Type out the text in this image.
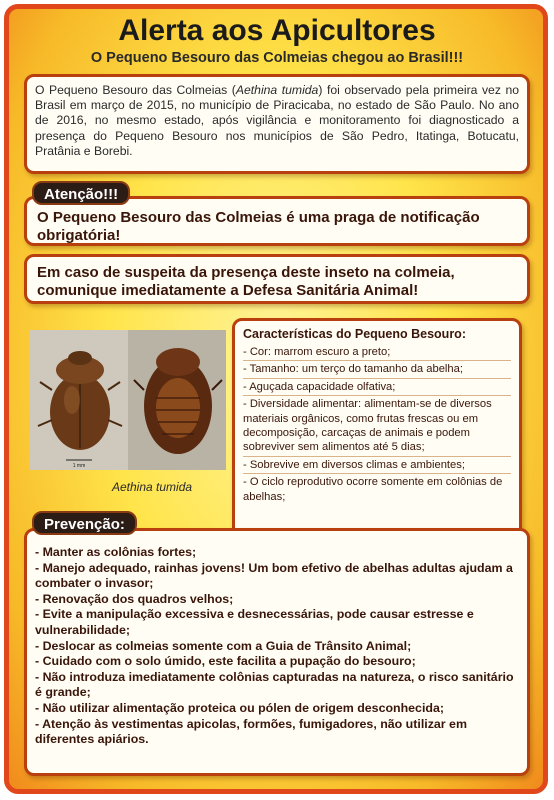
Alerta aos Apicultores
O Pequeno Besouro das Colmeias chegou ao Brasil!!!

O Pequeno Besouro das Colmeias (Aethina tumida) foi observado pela primeira vez no Brasil em março de 2015, no município de Piracicaba, no estado de São Paulo. No ano de 2016, no mesmo estado, após vigilância e monitoramento foi diagnosticado a presença do Pequeno Besouro nos municípios de São Pedro, Itatinga, Botucatu, Pratânia e Borebi.

O Pequeno Besouro das Colmeias é uma praga de notificação obrigatória!

Atenção!!!

Em caso de suspeita da presença deste inseto na colmeia, comunique imediatamente a Defesa Sanitária Animal!

1 mm
Aethina tumida
Características do Pequeno Besouro:
- Cor: marrom escuro a preto;
- Tamanho: um terço do tamanho da abelha;
- Aguçada capacidade olfativa;
- Diversidade alimentar: alimentam-se de diversos materiais orgânicos, como frutas frescas ou em decomposição, carcaças de animais e podem sobreviver sem alimentos até 5 dias;
- Sobrevive em diversos climas e ambientes;
- O ciclo reprodutivo ocorre somente em colônias de abelhas;
- Manter as colônias fortes;
- Manejo adequado, rainhas jovens! Um bom efetivo de abelhas adultas ajudam a combater o invasor;
- Renovação dos quadros velhos;
- Evite a manipulação excessiva e desnecessárias, pode causar estresse e vulnerabilidade;
- Deslocar as colmeias somente com a Guia de Trânsito Animal;
- Cuidado com o solo úmido, este facilita a pupação do besouro;
- Não introduza imediatamente colônias capturadas na natureza, o risco sanitário é grande;
- Não utilizar alimentação proteica ou pólen de origem desconhecida;
- Atenção às vestimentas apicolas, formões, fumigadores, não utilizar em diferentes apiários.
Prevenção:
